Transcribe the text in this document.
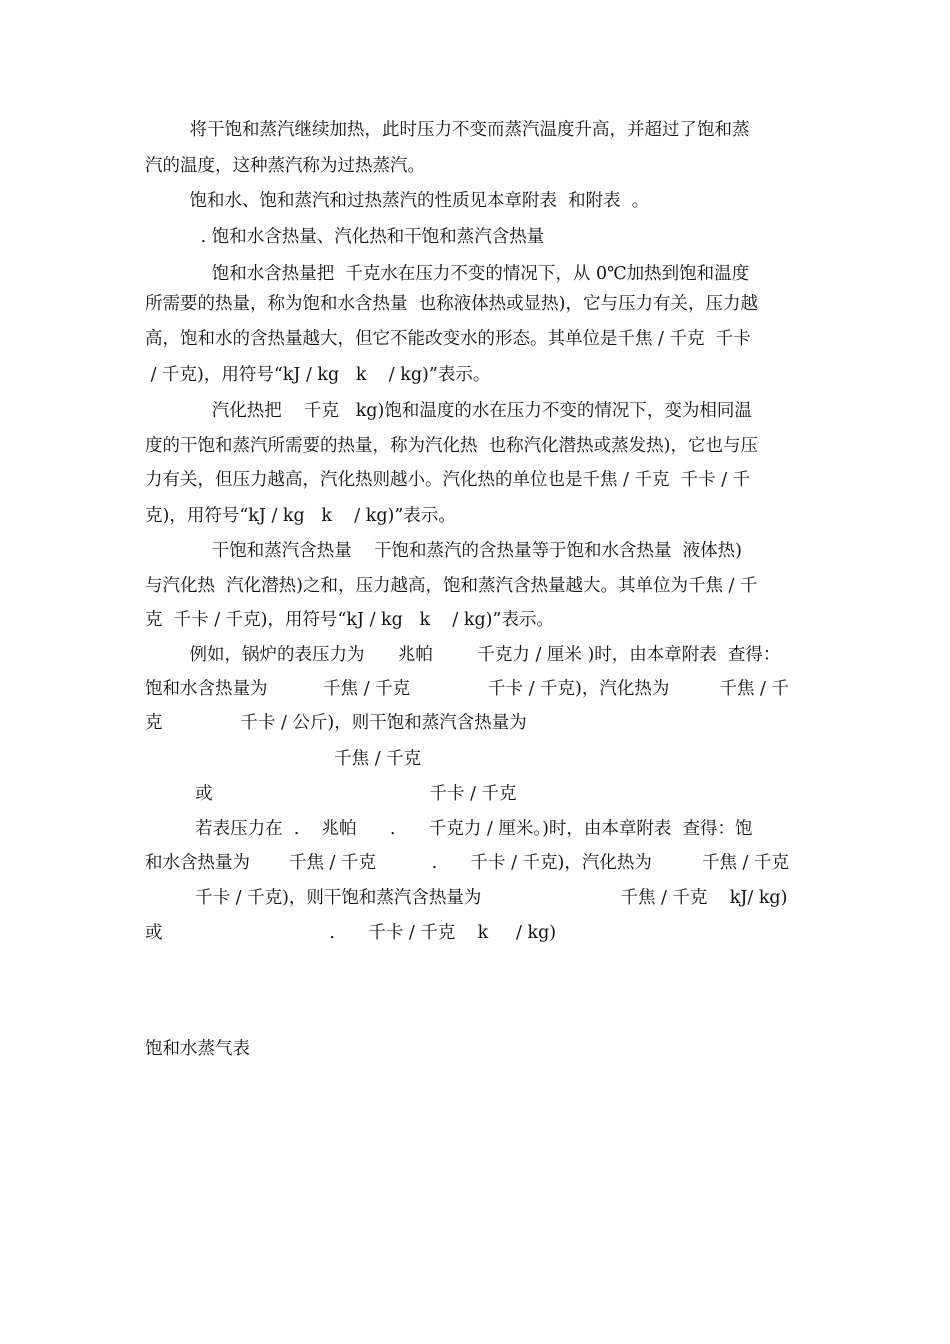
将干饱和蒸汽继续加热，此时压力不变而蒸汽温度升高，并超过了饱和蒸
汽的温度，这种蒸汽称为过热蒸汽。
饱和水、饱和蒸汽和过热蒸汽的性质见本章附表  和附表  。
. 饱和水含热量、汽化热和干饱和蒸汽含热量
饱和水含热量把  千克水在压力不变的情况下，从 0℃加热到饱和温度
所需要的热量，称为饱和水含热量  也称液体热或显热)，它与压力有关，压力越
高，饱和水的含热量越大，但它不能改变水的形态。其单位是千焦 / 千克  千卡
/ 千克)，用符号“kJ / kg   k    / kg)”表示。
汽化热把    千克   kg)饱和温度的水在压力不变的情况下，变为相同温
度的干饱和蒸汽所需要的热量，称为汽化热  也称汽化潜热或蒸发热)，它也与压
力有关，但压力越高，汽化热则越小。汽化热的单位也是千焦 / 千克  千卡 / 千
克)，用符号“kJ / kg   k    / kg)”表示。
干饱和蒸汽含热量    干饱和蒸汽的含热量等于饱和水含热量  液体热)
与汽化热  汽化潜热)之和，压力越高，饱和蒸汽含热量越大。其单位为千焦 / 千
克  千卡 / 千克)，用符号“kJ / kg   k    / kg)”表示。
例如，锅炉的表压力为      兆帕        千克力 / 厘米 )时，由本章附表  查得：
饱和水含热量为          千焦 / 千克              千卡 / 千克)，汽化热为         千焦 / 千
克              千卡 / 公斤)，则干饱和蒸汽含热量为
千焦 / 千克
或                                       千卡 / 千克
若表压力在  .    兆帕      .      千克力 / 厘米。)时，由本章附表  查得：饱
和水含热量为       千焦 / 千克          .      千卡 / 千克)，汽化热为         千焦 / 千克
千卡 / 千克)，则干饱和蒸汽含热量为                         千焦 / 千克    kJ/ kg)
或                              .      千卡 / 千克    k     / kg)
饱和水蒸气表
